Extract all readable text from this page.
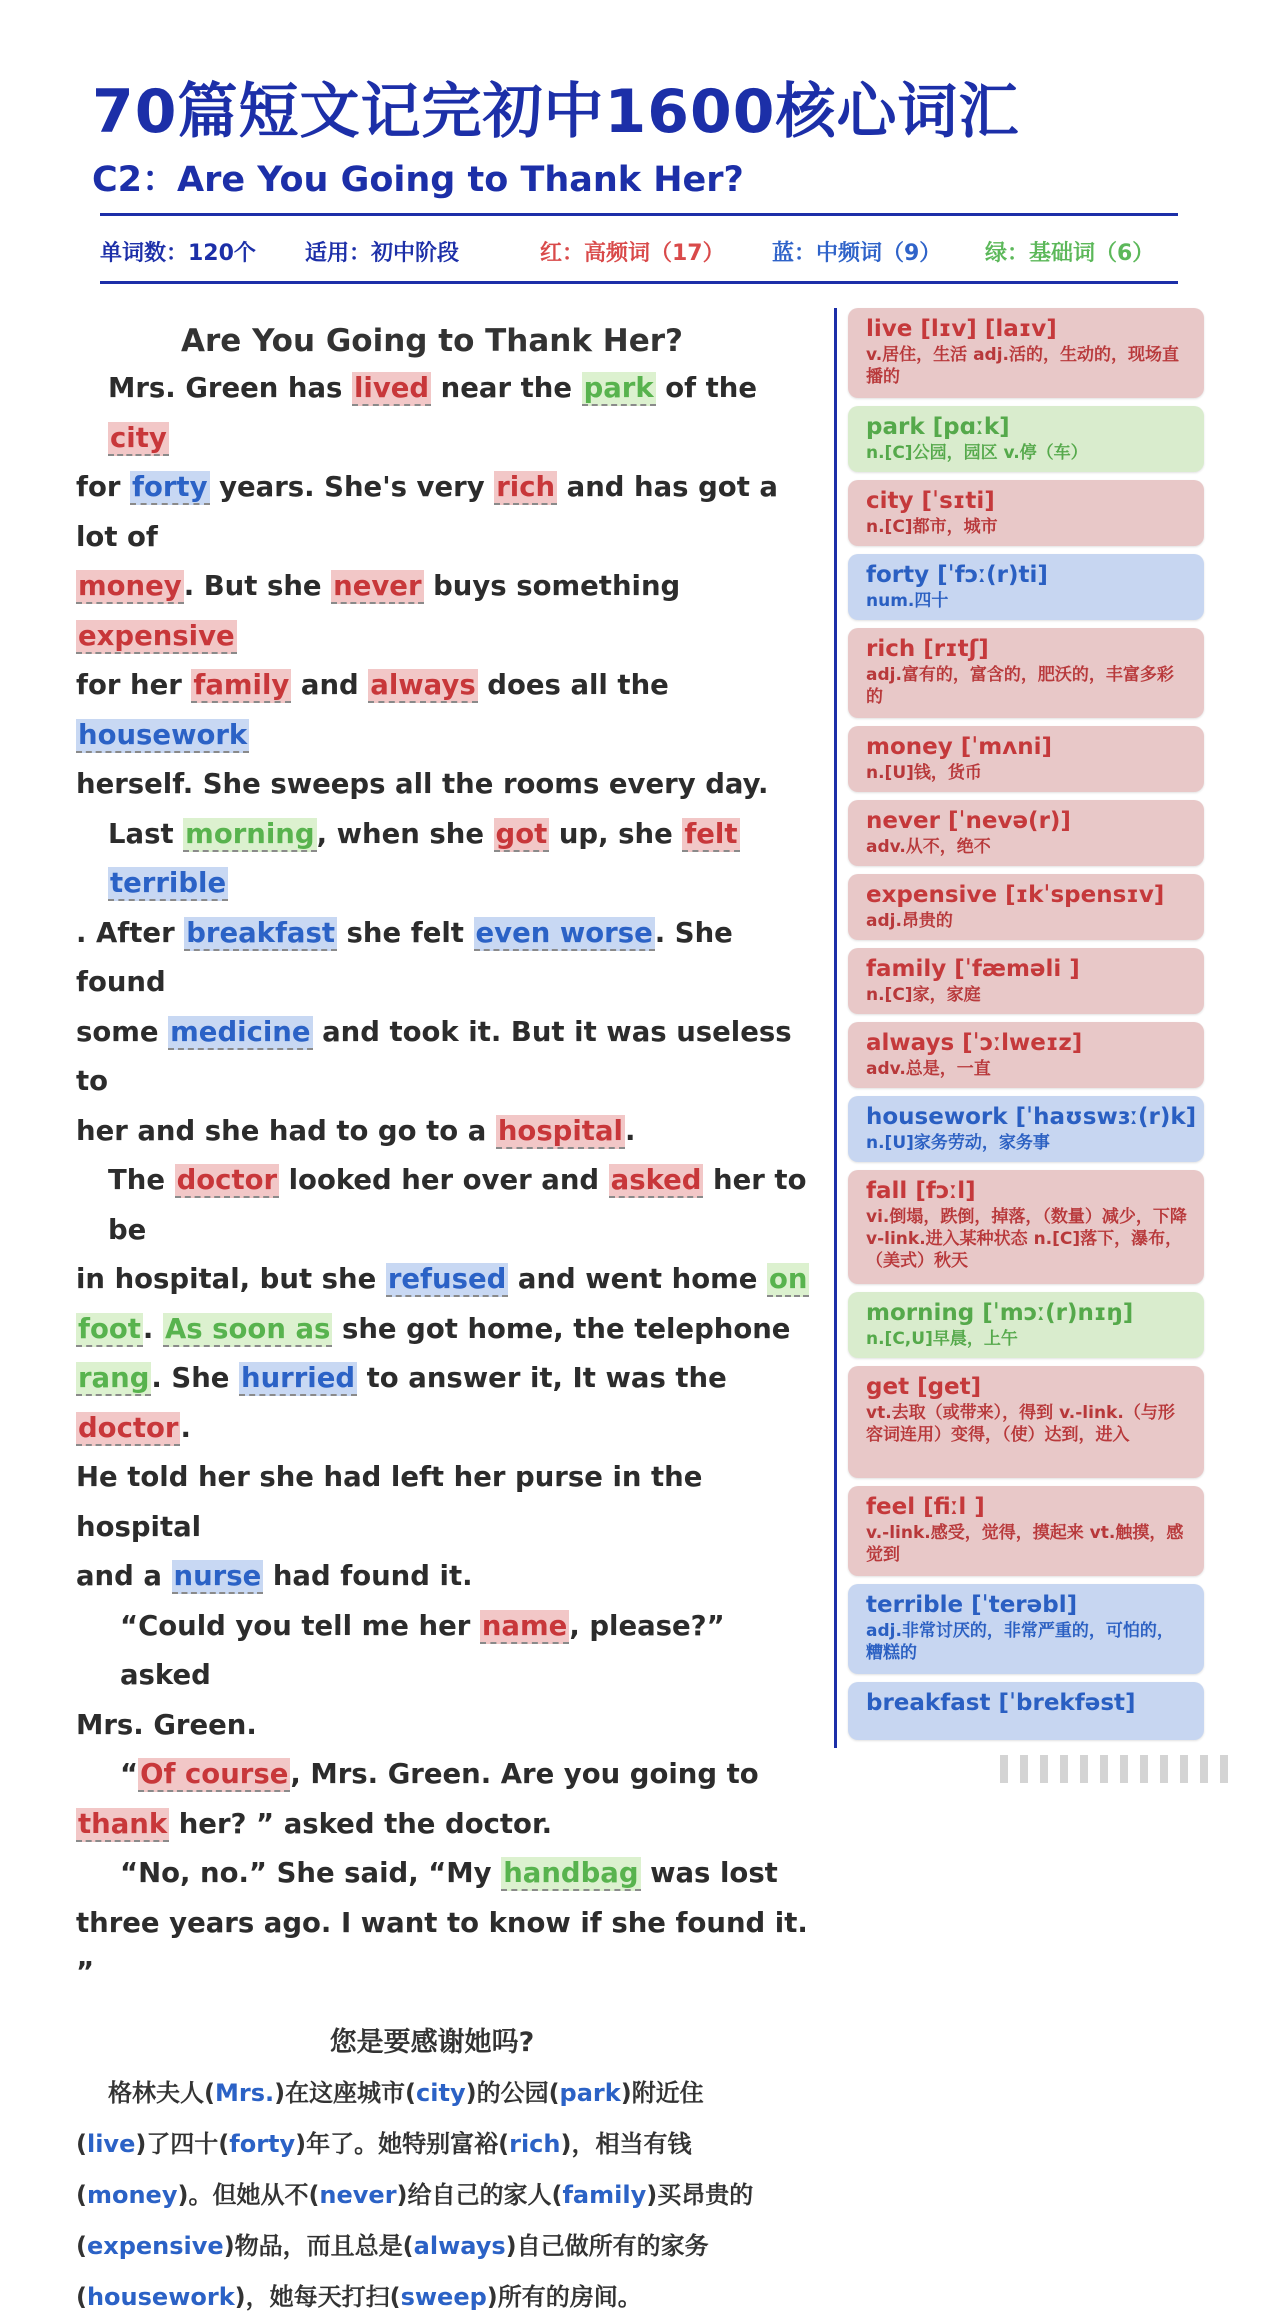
70篇短文记完初中1600核心词汇
C2：Are You Going to Thank Her?
单词数：120个 适用：初中阶段	红：高频词（17） 蓝：中频词（9） 绿：基础词（6）
Are You Going to Thank Her?

Mrs. Green has lived near the park of the city

for forty years. She's very rich and has got a lot of

money. But she never buys something expensive

for her family and always does all the housework

herself. She sweeps all the rooms every day.

Last morning, when she got up, she felt terrible

. After breakfast she felt even worse. She found

some medicine and took it. But it was useless to

her and she had to go to a hospital.

The doctor looked her over and asked her to be

in hospital, but she refused and went home on

foot. As soon as she got home, the telephone

rang. She hurried to answer it, It was the doctor.

He told her she had left her purse in the hospital

and a nurse had found it.

“Could you tell me her name, please?” asked

Mrs. Green.

“Of course, Mrs. Green. Are you going to

thank her? ” asked the doctor.

“No, no.” She said, “My handbag was lost

three years ago. I want to know if she found it. ”

您是要感谢她吗?

格林夫人(Mrs.)在这座城市(city)的公园(park)附近住

(live)了四十(forty)年了。她特别富裕(rich)，相当有钱

(money)。但她从不(never)给自己的家人(family)买昂贵的

(expensive)物品，而且总是(always)自己做所有的家务

(housework)，她每天打扫(sweep)所有的房间。

live [lɪv] [laɪv]
v.居住，生活 adj.活的，生动的，现场直播的
park [pɑːk]
n.[C]公园，园区 v.停（车）
city [ˈsɪti]
n.[C]都市，城市
forty [ˈfɔː(r)ti]
num.四十
rich [rɪtʃ]
adj.富有的，富含的，肥沃的，丰富多彩的
money [ˈmʌni]
n.[U]钱，货币
never [ˈnevə(r)]
adv.从不，绝不
expensive [ɪkˈspensɪv]
adj.昂贵的
family [ˈfæməli ]
n.[C]家，家庭
always [ˈɔːlweɪz]
adv.总是，一直
housework [ˈhaʊswɜː(r)k]
n.[U]家务劳动，家务事
fall [fɔːl]
vi.倒塌，跌倒，掉落，（数量）减少，下降 v-link.进入某种状态 n.[C]落下，瀑布，（美式）秋天
morning [ˈmɔː(r)nɪŋ]
n.[C,U]早晨，上午
get [get]
vt.去取（或带来），得到 v.-link.（与形容词连用）变得，（使）达到，进入
feel [fiːl ]
v.-link.感受，觉得，摸起来 vt.触摸，感觉到
terrible [ˈterəbl]
adj.非常讨厌的，非常严重的，可怕的，糟糕的
breakfast [ˈbrekfəst]
